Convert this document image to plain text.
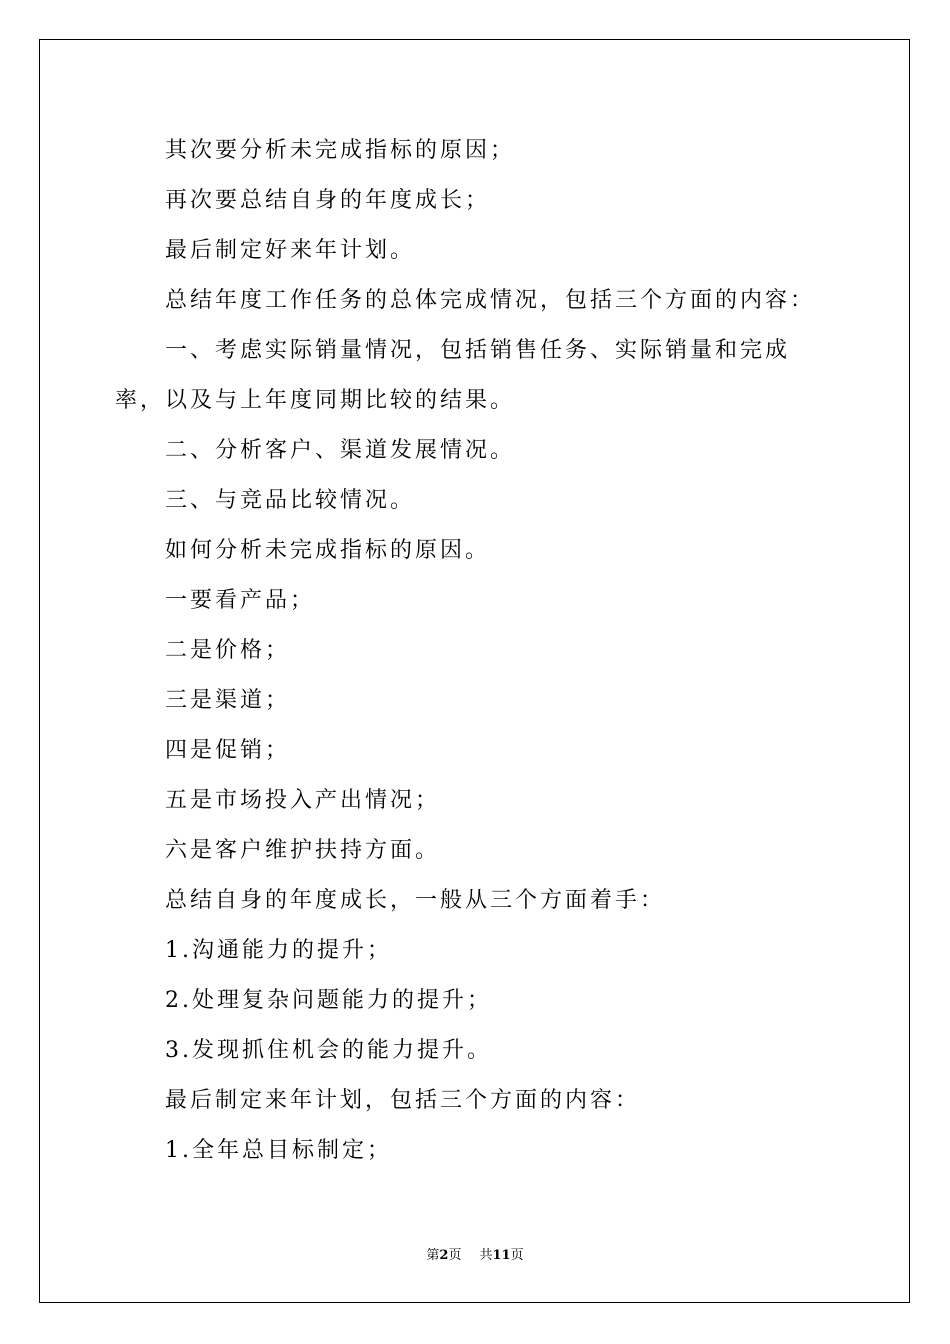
其次要分析未完成指标的原因；

再次要总结自身的年度成长；

最后制定好来年计划。

总结年度工作任务的总体完成情况，包括三个方面的内容：

一、考虑实际销量情况，包括销售任务、实际销量和完成率，以及与上年度同期比较的结果。

二、分析客户、渠道发展情况。

三、与竞品比较情况。

如何分析未完成指标的原因。

一要看产品；

二是价格；

三是渠道；

四是促销；

五是市场投入产出情况；

六是客户维护扶持方面。

总结自身的年度成长，一般从三个方面着手：

1.沟通能力的提升；

2.处理复杂问题能力的提升；

3.发现抓住机会的能力提升。

最后制定来年计划，包括三个方面的内容：

1.全年总目标制定；

第2页 共11页
